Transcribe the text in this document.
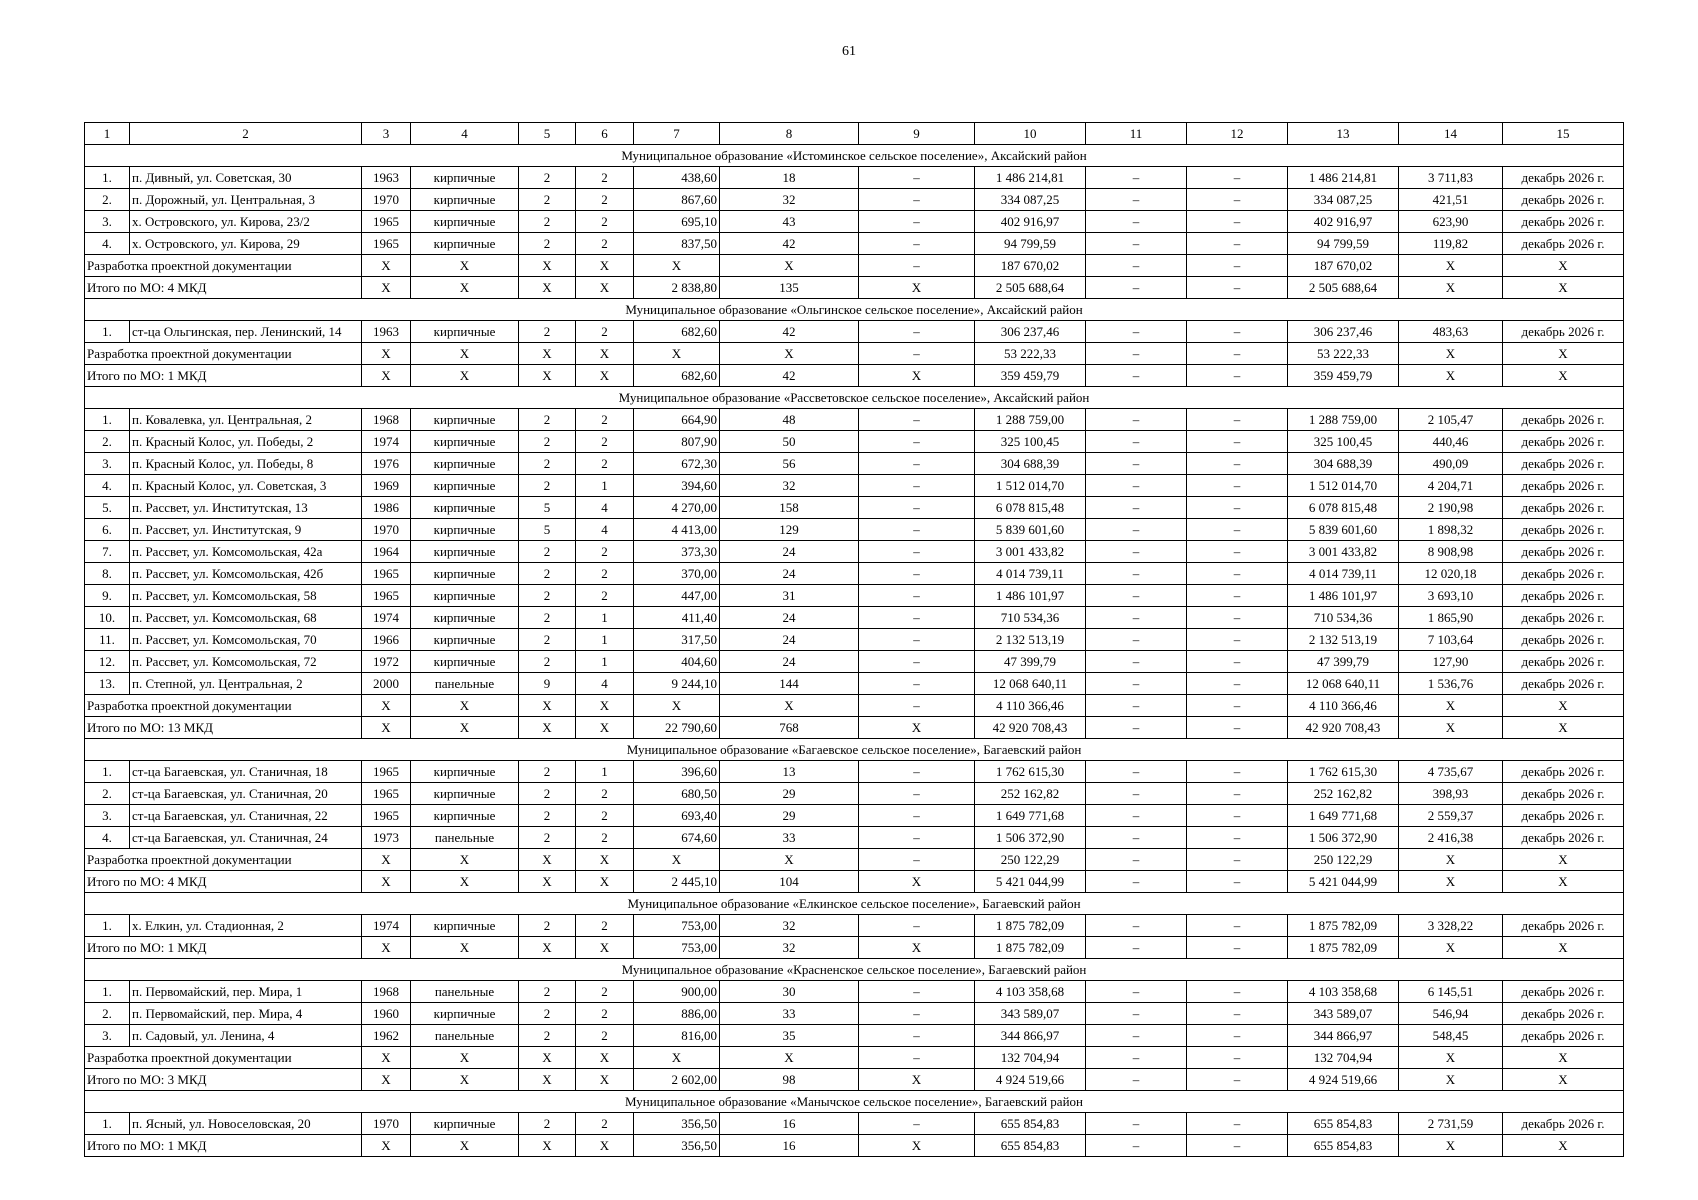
61
1	2	3	4	5	6	7	8	9	10	11	12	13	14	15
Муниципальное образование «Истоминское сельское поселение», Аксайский район														
1.	п. Дивный, ул. Советская, 30	1963	кирпичные	2	2	438,60	18	–	1 486 214,81	–	–	1 486 214,81	3 711,83	декабрь 2026 г.
2.	п. Дорожный, ул. Центральная, 3	1970	кирпичные	2	2	867,60	32	–	334 087,25	–	–	334 087,25	421,51	декабрь 2026 г.
3.	х. Островского, ул. Кирова, 23/2	1965	кирпичные	2	2	695,10	43	–	402 916,97	–	–	402 916,97	623,90	декабрь 2026 г.
4.	х. Островского, ул. Кирова, 29	1965	кирпичные	2	2	837,50	42	–	94 799,59	–	–	94 799,59	119,82	декабрь 2026 г.
Разработка проектной документации		X	X	X	X	X	X	–	187 670,02	–	–	187 670,02	X	X
Итого по МО: 4 МКД		X	X	X	X	2 838,80	135	X	2 505 688,64	–	–	2 505 688,64	X	X
Муниципальное образование «Ольгинское сельское поселение», Аксайский район														
1.	ст-ца Ольгинская, пер. Ленинский, 14	1963	кирпичные	2	2	682,60	42	–	306 237,46	–	–	306 237,46	483,63	декабрь 2026 г.
Разработка проектной документации		X	X	X	X	X	X	–	53 222,33	–	–	53 222,33	X	X
Итого по МО: 1 МКД		X	X	X	X	682,60	42	X	359 459,79	–	–	359 459,79	X	X
Муниципальное образование «Рассветовское сельское поселение», Аксайский район														
1.	п. Ковалевка, ул. Центральная, 2	1968	кирпичные	2	2	664,90	48	–	1 288 759,00	–	–	1 288 759,00	2 105,47	декабрь 2026 г.
2.	п. Красный Колос, ул. Победы, 2	1974	кирпичные	2	2	807,90	50	–	325 100,45	–	–	325 100,45	440,46	декабрь 2026 г.
3.	п. Красный Колос, ул. Победы, 8	1976	кирпичные	2	2	672,30	56	–	304 688,39	–	–	304 688,39	490,09	декабрь 2026 г.
4.	п. Красный Колос, ул. Советская, 3	1969	кирпичные	2	1	394,60	32	–	1 512 014,70	–	–	1 512 014,70	4 204,71	декабрь 2026 г.
5.	п. Рассвет, ул. Институтская, 13	1986	кирпичные	5	4	4 270,00	158	–	6 078 815,48	–	–	6 078 815,48	2 190,98	декабрь 2026 г.
6.	п. Рассвет, ул. Институтская, 9	1970	кирпичные	5	4	4 413,00	129	–	5 839 601,60	–	–	5 839 601,60	1 898,32	декабрь 2026 г.
7.	п. Рассвет, ул. Комсомольская, 42а	1964	кирпичные	2	2	373,30	24	–	3 001 433,82	–	–	3 001 433,82	8 908,98	декабрь 2026 г.
8.	п. Рассвет, ул. Комсомольская, 42б	1965	кирпичные	2	2	370,00	24	–	4 014 739,11	–	–	4 014 739,11	12 020,18	декабрь 2026 г.
9.	п. Рассвет, ул. Комсомольская, 58	1965	кирпичные	2	2	447,00	31	–	1 486 101,97	–	–	1 486 101,97	3 693,10	декабрь 2026 г.
10.	п. Рассвет, ул. Комсомольская, 68	1974	кирпичные	2	1	411,40	24	–	710 534,36	–	–	710 534,36	1 865,90	декабрь 2026 г.
11.	п. Рассвет, ул. Комсомольская, 70	1966	кирпичные	2	1	317,50	24	–	2 132 513,19	–	–	2 132 513,19	7 103,64	декабрь 2026 г.
12.	п. Рассвет, ул. Комсомольская, 72	1972	кирпичные	2	1	404,60	24	–	47 399,79	–	–	47 399,79	127,90	декабрь 2026 г.
13.	п. Степной, ул. Центральная, 2	2000	панельные	9	4	9 244,10	144	–	12 068 640,11	–	–	12 068 640,11	1 536,76	декабрь 2026 г.
Разработка проектной документации		X	X	X	X	X	X	–	4 110 366,46	–	–	4 110 366,46	X	X
Итого по МО: 13 МКД		X	X	X	X	22 790,60	768	X	42 920 708,43	–	–	42 920 708,43	X	X
Муниципальное образование «Багаевское сельское поселение», Багаевский район														
1.	ст-ца Багаевская, ул. Станичная, 18	1965	кирпичные	2	1	396,60	13	–	1 762 615,30	–	–	1 762 615,30	4 735,67	декабрь 2026 г.
2.	ст-ца Багаевская, ул. Станичная, 20	1965	кирпичные	2	2	680,50	29	–	252 162,82	–	–	252 162,82	398,93	декабрь 2026 г.
3.	ст-ца Багаевская, ул. Станичная, 22	1965	кирпичные	2	2	693,40	29	–	1 649 771,68	–	–	1 649 771,68	2 559,37	декабрь 2026 г.
4.	ст-ца Багаевская, ул. Станичная, 24	1973	панельные	2	2	674,60	33	–	1 506 372,90	–	–	1 506 372,90	2 416,38	декабрь 2026 г.
Разработка проектной документации		X	X	X	X	X	X	–	250 122,29	–	–	250 122,29	X	X
Итого по МО: 4 МКД		X	X	X	X	2 445,10	104	X	5 421 044,99	–	–	5 421 044,99	X	X
Муниципальное образование «Елкинское сельское поселение», Багаевский район														
1.	х. Елкин, ул. Стадионная, 2	1974	кирпичные	2	2	753,00	32	–	1 875 782,09	–	–	1 875 782,09	3 328,22	декабрь 2026 г.
Итого по МО: 1 МКД		X	X	X	X	753,00	32	X	1 875 782,09	–	–	1 875 782,09	X	X
Муниципальное образование «Красненское сельское поселение», Багаевский район														
1.	п. Первомайский, пер. Мира, 1	1968	панельные	2	2	900,00	30	–	4 103 358,68	–	–	4 103 358,68	6 145,51	декабрь 2026 г.
2.	п. Первомайский, пер. Мира, 4	1960	кирпичные	2	2	886,00	33	–	343 589,07	–	–	343 589,07	546,94	декабрь 2026 г.
3.	п. Садовый, ул. Ленина, 4	1962	панельные	2	2	816,00	35	–	344 866,97	–	–	344 866,97	548,45	декабрь 2026 г.
Разработка проектной документации		X	X	X	X	X	X	–	132 704,94	–	–	132 704,94	X	X
Итого по МО: 3 МКД		X	X	X	X	2 602,00	98	X	4 924 519,66	–	–	4 924 519,66	X	X
Муниципальное образование «Манычское сельское поселение», Багаевский район														
1.	п. Ясный, ул. Новоселовская, 20	1970	кирпичные	2	2	356,50	16	–	655 854,83	–	–	655 854,83	2 731,59	декабрь 2026 г.
Итого по МО: 1 МКД		X	X	X	X	356,50	16	X	655 854,83	–	–	655 854,83	X	X
